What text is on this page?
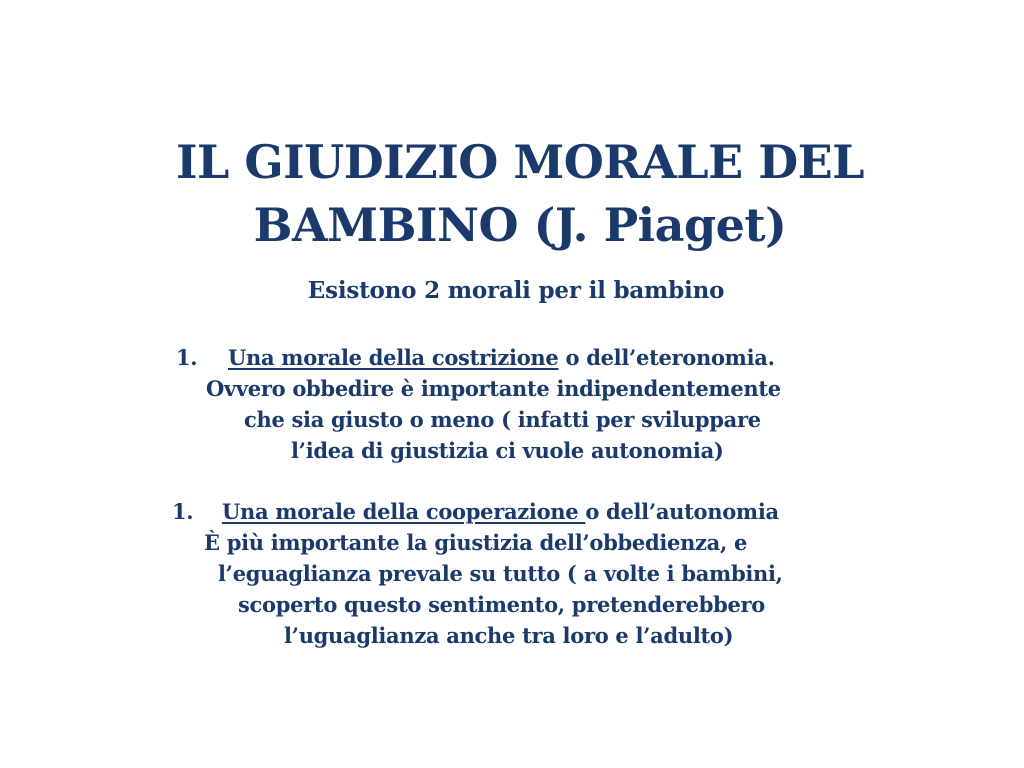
IL GIUDIZIO MORALE DEL
BAMBINO (J. Piaget)
Esistono 2 morali per il bambino
1. Una morale della costrizione o dell’eteronomia.
Ovvero obbedire è importante indipendentemente
che sia giusto o meno ( infatti per sviluppare
l’idea di giustizia ci vuole autonomia)
1. Una morale della cooperazione o dell’autonomia
È più importante la giustizia dell’obbedienza, e
l’eguaglianza prevale su tutto ( a volte i bambini,
scoperto questo sentimento, pretenderebbero
l’uguaglianza anche tra loro e l’adulto)
